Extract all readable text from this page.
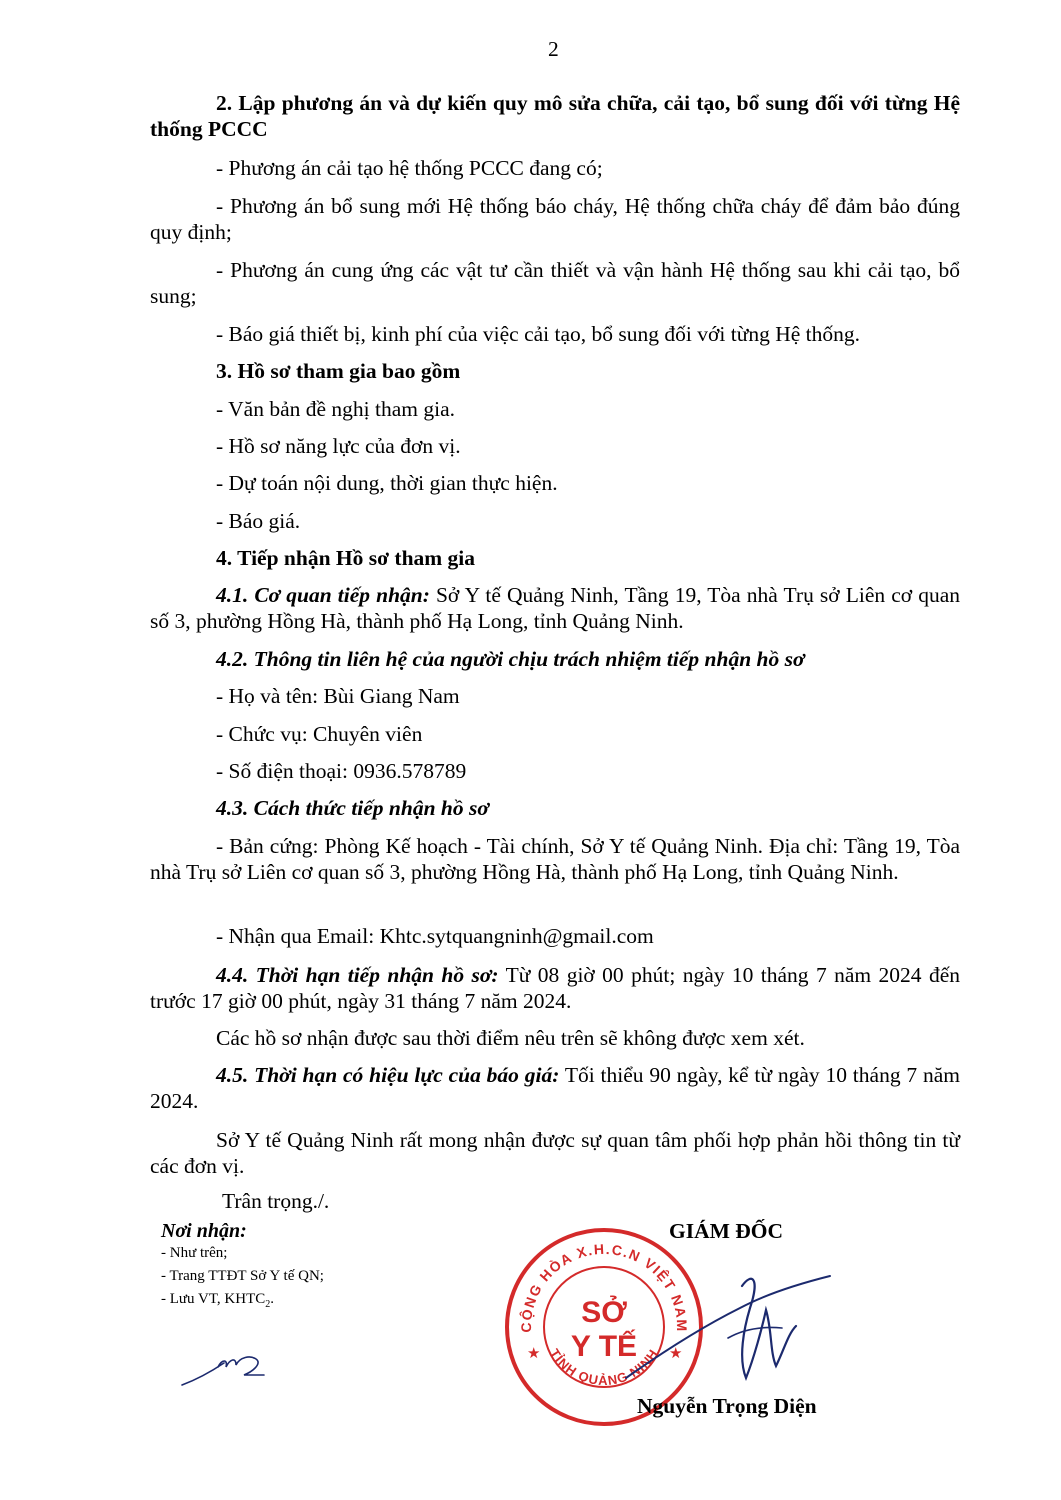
2
2. Lập phương án và dự kiến quy mô sửa chữa, cải tạo, bổ sung đối với từng Hệ thống PCCC
- Phương án cải tạo hệ thống PCCC đang có;
- Phương án bổ sung mới Hệ thống báo cháy, Hệ thống chữa cháy để đảm bảo đúng quy định;
- Phương án cung ứng các vật tư cần thiết và vận hành Hệ thống sau khi cải tạo, bổ sung;
- Báo giá thiết bị, kinh phí của việc cải tạo, bổ sung đối với từng Hệ thống.
3. Hồ sơ tham gia bao gồm
- Văn bản đề nghị tham gia.
- Hồ sơ năng lực của đơn vị.
- Dự toán nội dung, thời gian thực hiện.
- Báo giá.
4. Tiếp nhận Hồ sơ tham gia
4.1. Cơ quan tiếp nhận: Sở Y tế Quảng Ninh, Tầng 19, Tòa nhà Trụ sở Liên cơ quan số 3, phường Hồng Hà, thành phố Hạ Long, tỉnh Quảng Ninh.
4.2. Thông tin liên hệ của người chịu trách nhiệm tiếp nhận hồ sơ
- Họ và tên: Bùi Giang Nam
- Chức vụ: Chuyên viên
- Số điện thoại: 0936.578789
4.3. Cách thức tiếp nhận hồ sơ
- Bản cứng: Phòng Kế hoạch - Tài chính, Sở Y tế Quảng Ninh. Địa chỉ: Tầng 19, Tòa nhà Trụ sở Liên cơ quan số 3, phường Hồng Hà, thành phố Hạ Long, tỉnh Quảng Ninh.
- Nhận qua Email: Khtc.sytquangninh@gmail.com
4.4. Thời hạn tiếp nhận hồ sơ: Từ 08 giờ 00 phút; ngày 10 tháng 7 năm 2024 đến trước 17 giờ 00 phút, ngày 31 tháng 7 năm 2024.
Các hồ sơ nhận được sau thời điểm nêu trên sẽ không được xem xét.
4.5. Thời hạn có hiệu lực của báo giá: Tối thiểu 90 ngày, kể từ ngày 10 tháng 7 năm 2024.
Sở Y tế Quảng Ninh rất mong nhận được sự quan tâm phối hợp phản hồi thông tin từ các đơn vị.
Trân trọng./.
Nơi nhận:
- Như trên;
- Trang TTĐT Sở Y tế QN;
- Lưu VT, $KHTC_2$.
GIÁM ĐỐC
CỘNG HÒA X.H.C.N VIỆT NAM
TỈNH QUẢNG NINH
★	★
SỞ
Y TẾ
Nguyễn Trọng Diện
